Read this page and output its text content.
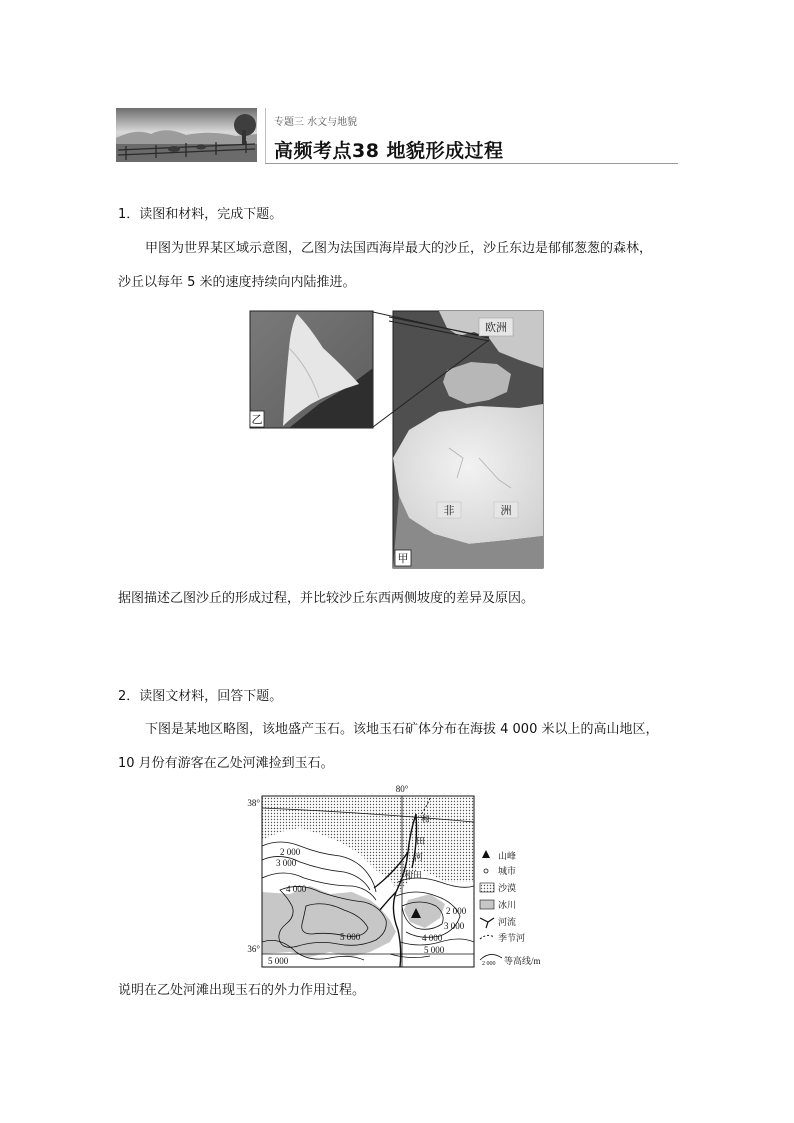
专题三 水文与地貌
高频考点38 地貌形成过程
1．读图和材料，完成下题。
甲图为世界某区域示意图，乙图为法国西海岸最大的沙丘，沙丘东边是郁郁葱葱的森林，
沙丘以每年 5 米的速度持续向内陆推进。
欧洲
非	洲
甲
乙
据图描述乙图沙丘的形成过程，并比较沙丘东西两侧坡度的差异及原因。
2．读图文材料，回答下题。
下图是某地区略图，该地盛产玉石。该地玉石矿体分布在海拔 4 000 米以上的高山地区，
10 月份有游客在乙处河滩捡到玉石。
80°
38°
36°
和
田
河
和田
2 000
3 000
4 000
5 000
5 000
2 000
3 000
4 000
5 000
山峰
城市
沙漠
冰川
河流
季节河
2 000 等高线/m
说明在乙处河滩出现玉石的外力作用过程。
